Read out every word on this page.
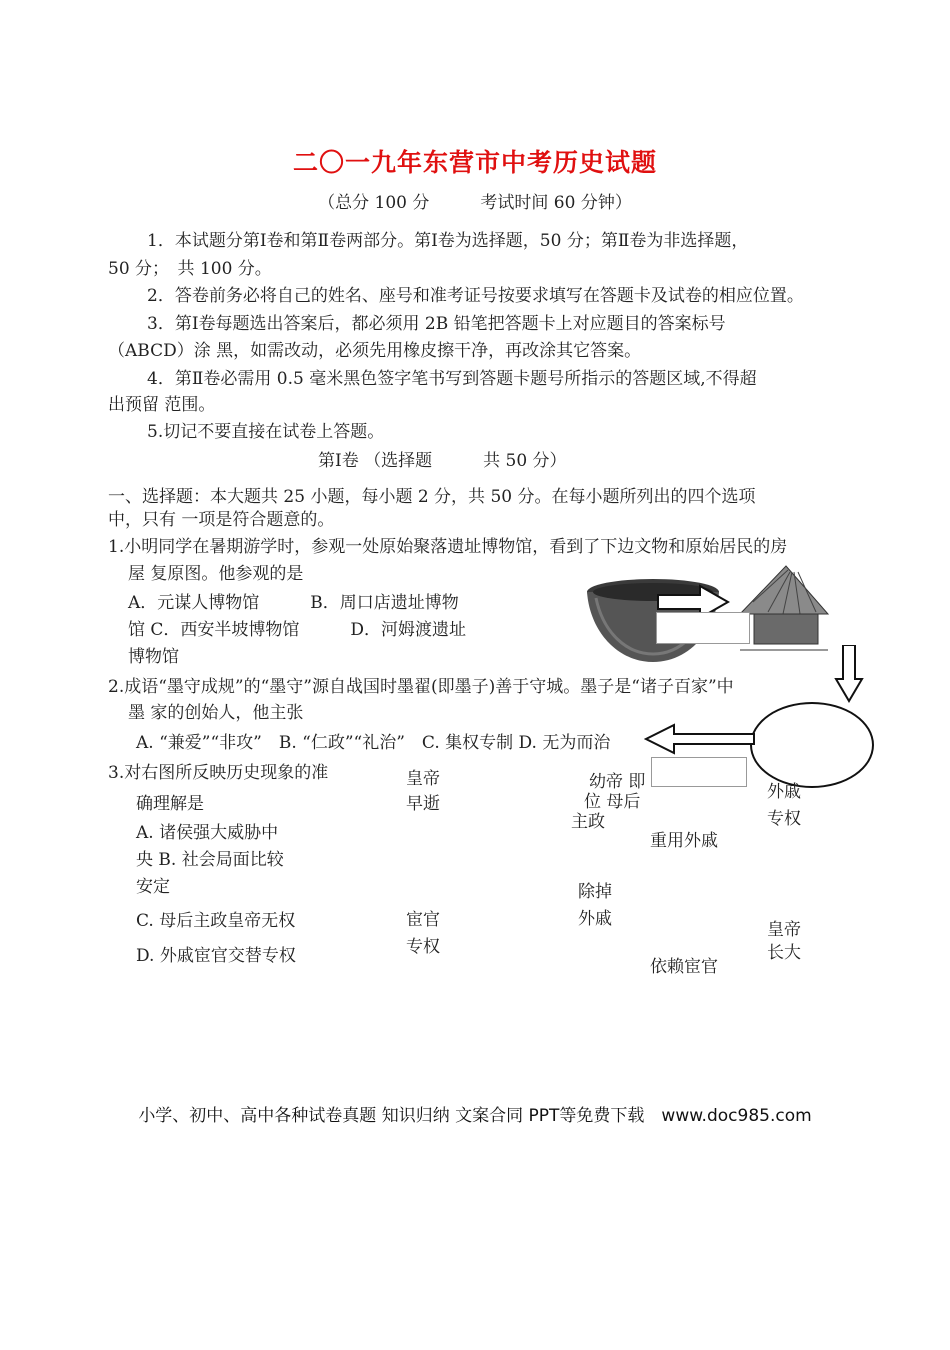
二〇一九年东营市中考历史试题
（总分 100 分　　　考试时间 60 分钟）
1．本试题分第Ⅰ卷和第Ⅱ卷两部分。第Ⅰ卷为选择题，50 分；第Ⅱ卷为非选择题，
50 分；　共 100 分。
2．答卷前务必将自己的姓名、座号和准考证号按要求填写在答题卡及试卷的相应位置。
3．第Ⅰ卷每题选出答案后，都必须用 2B 铅笔把答题卡上对应题目的答案标号
（ABCD）涂 黑，如需改动，必须先用橡皮擦干净，再改涂其它答案。
4．第Ⅱ卷必需用 0.5 毫米黑色签字笔书写到答题卡题号所指示的答题区域,不得超
出预留 范围。
5.切记不要直接在试卷上答题。
第Ⅰ卷 （选择题　　　共 50 分）
一、选择题：本大题共 25 小题，每小题 2 分，共 50 分。在每小题所列出的四个选项
中，只有 一项是符合题意的。
1.小明同学在暑期游学时，参观一处原始聚落遗址博物馆，看到了下边文物和原始居民的房
屋 复原图。他参观的是
A．元谋人博物馆　　　B．周口店遗址博物
馆 C．西安半坡博物馆　　　D．河姆渡遗址
博物馆
2.成语“墨守成规”的“墨守”源自战国时墨翟(即墨子)善于守城。墨子是“诸子百家”中
墨 家的创始人，他主张
A. “兼爱”“非攻”　B. “仁政”“礼治”　C. 集权专制 D. 无为而治
3.对右图所反映历史现象的准
确理解是
A. 诸侯强大威胁中
央 B. 社会局面比较
安定
C. 母后主政皇帝无权
D. 外戚宦官交替专权
皇帝
早逝
幼帝 即
位 母后
主政
重用外戚
外戚
专权
除掉
外戚
宦官
专权
皇帝
长大
依赖宦官
小学、初中、高中各种试卷真题 知识归纳 文案合同 PPT等免费下载　www.doc985.com
